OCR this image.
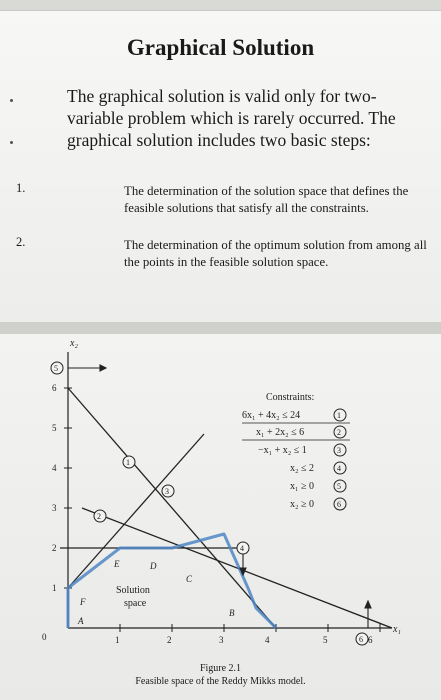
Graphical Solution
The graphical solution is valid only for two-variable problem which is rarely occurred. The graphical solution includes two basic steps:
1.	The determination of the solution space that defines the feasible solutions that satisfy all the constraints.
2.	The determination of the optimum solution from among all the points in the feasible solution space.
x₂
x₁
1	2	3	4	5	6
1
2
3
4
5
6
0
5
1
3
2
4
6
A
B
C
D
E
F
Solution
space
Constraints:
6x₁ + 4x₂ ≤ 24
x₁ + 2x₂ ≤ 6
−x₁ + x₂ ≤ 1
x₂ ≤ 2
x₁ ≥ 0
x₂ ≥ 0
1
2
3
4
5
6
Figure 2.1
Feasible space of the Reddy Mikks model.
